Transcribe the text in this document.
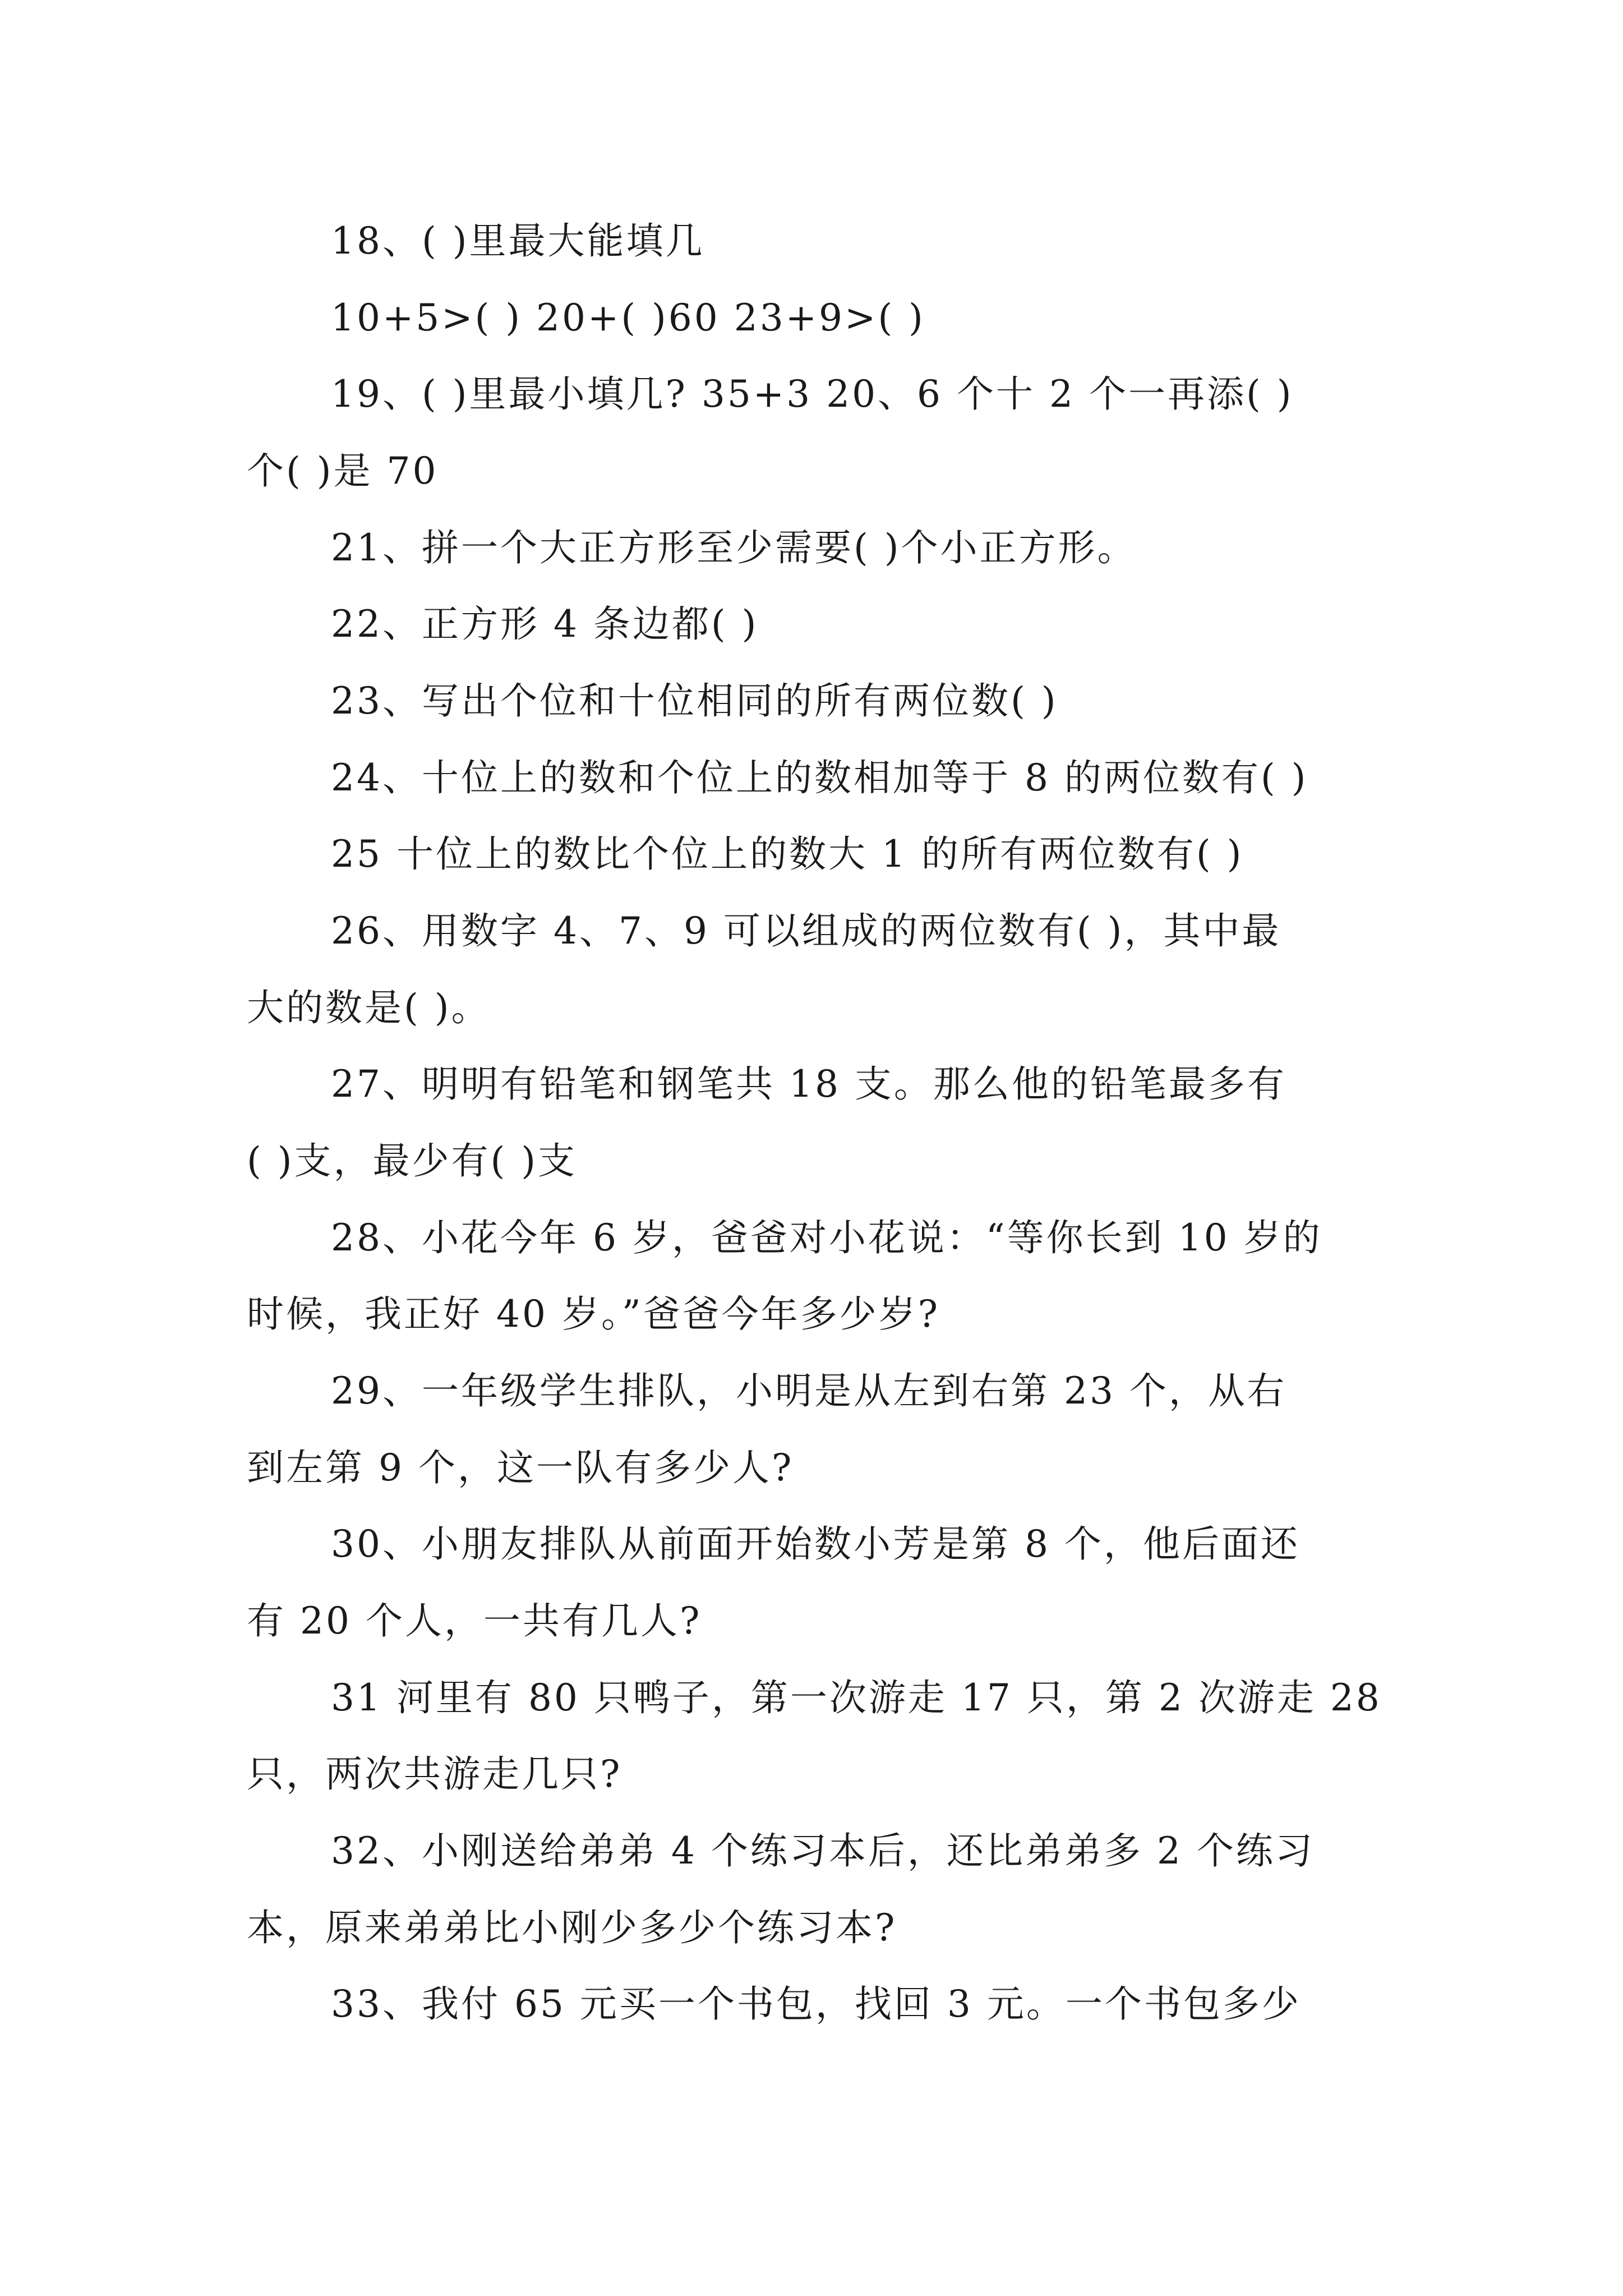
18、( )里最大能填几
10+5>( ) 20+( )60 23+9>( )
19、( )里最小填几? 35+3 20、6 个十 2 个一再添( )
个( )是 70
21、拼一个大正方形至少需要( )个小正方形。
22、正方形 4 条边都( )
23、写出个位和十位相同的所有两位数( )
24、十位上的数和个位上的数相加等于 8 的两位数有( )
25 十位上的数比个位上的数大 1 的所有两位数有( )
26、用数字 4、7、9 可以组成的两位数有( )，其中最
大的数是( )。
27、明明有铅笔和钢笔共 18 支。那么他的铅笔最多有
( )支，最少有( )支
28、小花今年 6 岁，爸爸对小花说：“等你长到 10 岁的
时候，我正好 40 岁。”爸爸今年多少岁?
29、一年级学生排队，小明是从左到右第 23 个，从右
到左第 9 个，这一队有多少人?
30、小朋友排队从前面开始数小芳是第 8 个，他后面还
有 20 个人，一共有几人?
31 河里有 80 只鸭子，第一次游走 17 只，第 2 次游走 28
只，两次共游走几只?
32、小刚送给弟弟 4 个练习本后，还比弟弟多 2 个练习
本，原来弟弟比小刚少多少个练习本?
33、我付 65 元买一个书包，找回 3 元。一个书包多少
